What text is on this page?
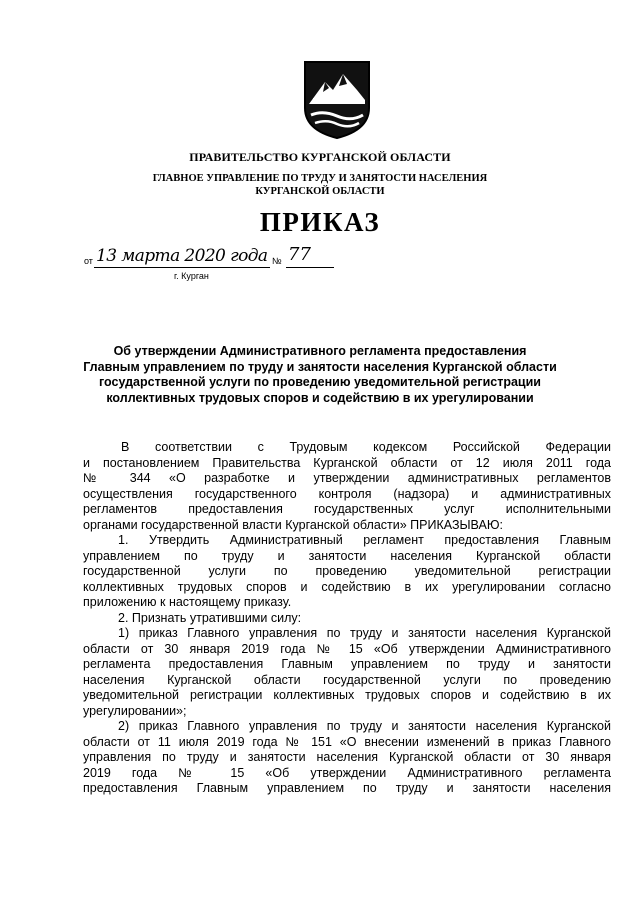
ПРАВИТЕЛЬСТВО КУРГАНСКОЙ ОБЛАСТИ
ГЛАВНОЕ УПРАВЛЕНИЕ ПО ТРУДУ И ЗАНЯТОСТИ НАСЕЛЕНИЯ
КУРГАНСКОЙ ОБЛАСТИ
ПРИКАЗ
от 13 марта 2020 года № 77
г. Курган
Об утверждении Административного регламента предоставления
Главным управлением по труду и занятости населения Курганской области
государственной услуги по проведению уведомительной регистрации
коллективных трудовых споров и содействию в их урегулировании
В соответствии с Трудовым кодексом Российской Федерации
и постановлением Правительства Курганской области от 12 июля 2011 года
№ 344 «О разработке и утверждении административных регламентов
осуществления государственного контроля (надзора) и административных
регламентов предоставления государственных услуг исполнительными
органами государственной власти Курганской области» ПРИКАЗЫВАЮ:
1. Утвердить Административный регламент предоставления Главным
управлением по труду и занятости населения Курганской области
государственной услуги по проведению уведомительной регистрации
коллективных трудовых споров и содействию в их урегулировании согласно
приложению к настоящему приказу.
2. Признать утратившими силу:
1) приказ Главного управления по труду и занятости населения Курганской
области от 30 января 2019 года № 15 «Об утверждении Административного
регламента предоставления Главным управлением по труду и занятости
населения Курганской области государственной услуги по проведению
уведомительной регистрации коллективных трудовых споров и содействию в их
урегулировании»;
2) приказ Главного управления по труду и занятости населения Курганской
области от 11 июля 2019 года № 151 «О внесении изменений в приказ Главного
управления по труду и занятости населения Курганской области от 30 января
2019 года № 15 «Об утверждении Административного регламента
предоставления Главным управлением по труду и занятости населения
